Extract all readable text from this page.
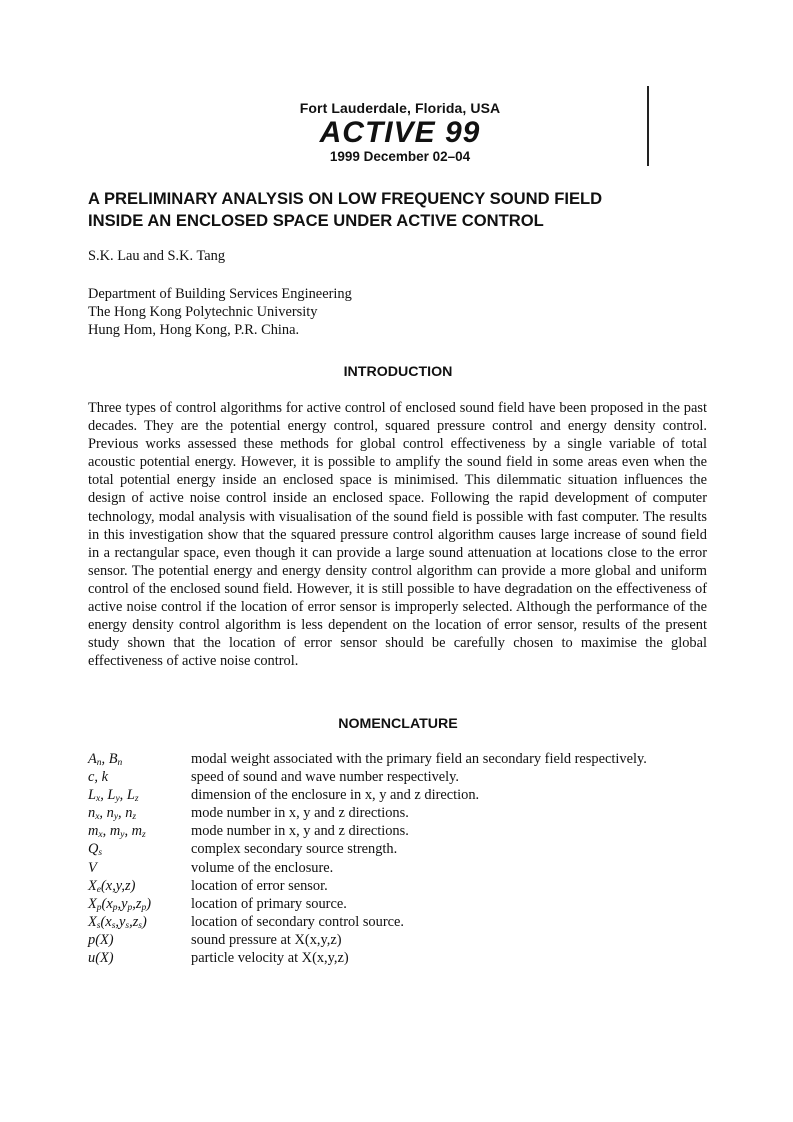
Fort Lauderdale, Florida, USA
ACTIVE 99
1999 December 02–04
A PRELIMINARY ANALYSIS ON LOW FREQUENCY SOUND FIELD
INSIDE AN ENCLOSED SPACE UNDER ACTIVE CONTROL
S.K. Lau and S.K. Tang
Department of Building Services Engineering
The Hong Kong Polytechnic University
Hung Hom, Hong Kong, P.R. China.
INTRODUCTION

Three types of control algorithms for active control of enclosed sound field have been proposed in the past decades. They are the potential energy control, squared pressure control and energy density control. Previous works assessed these methods for global control effectiveness by a single variable of total acoustic potential energy. However, it is possible to amplify the sound field in some areas even when the total potential energy inside an enclosed space is minimised. This dilemmatic situation influences the design of active noise control inside an enclosed space. Following the rapid development of computer technology, modal analysis with visualisation of the sound field is possible with fast computer. The results in this investigation show that the squared pressure control algorithm causes large increase of sound field in a rectangular space, even though it can provide a large sound attenuation at locations close to the error sensor. The potential energy and energy density control algorithm can provide a more global and uniform control of the enclosed sound field. However, it is still possible to have degradation on the effectiveness of active noise control if the location of error sensor is improperly selected. Although the performance of the energy density control algorithm is less dependent on the location of error sensor, results of the present study shown that the location of error sensor should be carefully chosen to maximise the global effectiveness of active noise control.

NOMENCLATURE
$A_n$, $B_n$	modal weight associated with the primary field an secondary field respectively.
c, k	speed of sound and wave number respectively.
$L_x$, $L_y$, $L_z$	dimension of the enclosure in x, y and z direction.
$n_x$, $n_y$, $n_z$	mode number in x, y and z directions.
$m_x$, $m_y$, $m_z$	mode number in x, y and z directions.
$Q_s$	complex secondary source strength.
V	volume of the enclosure.
$X_e(x,y,z)$	location of error sensor.
$X_p(x_p,y_p,z_p)$	location of primary source.
$X_s(x_s,y_s,z_s)$	location of secondary control source.
p(X)	sound pressure at X(x,y,z)
u(X)	particle velocity at X(x,y,z)
